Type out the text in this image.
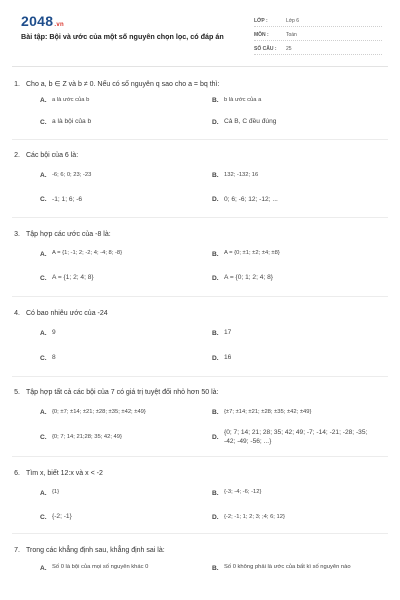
2048.vn
Bài tập: Bội và ước của một số nguyên chọn lọc, có đáp án
LỚP :	Lớp 6
MÔN :	Toán
SỐ CÂU :	25
1. Cho a, b ∈ Z và b ≠ 0. Nếu có số nguyên q sao cho a = bq thì:
A. a là ước của b	B. b là ước của a
C. a là bội của b	D. Cả B, C đều đúng
2. Các bội của 6 là:
A. -6; 6; 0; 23; -23	B. 132; -132; 16
C. -1; 1; 6; -6	D. 0; 6; -6; 12; -12; ...
3. Tập hợp các ước của -8 là:
A. A = {1; -1; 2; -2; 4; -4; 8; -8}	B. A = {0; ±1; ±2; ±4; ±8}
C. A = {1; 2; 4; 8}	D. A = {0; 1; 2; 4; 8}
4. Có bao nhiêu ước của -24
A. 9	B. 17
C. 8	D. 16
5. Tập hợp tất cả các bội của 7 có giá trị tuyệt đối nhỏ hơn 50 là:
A. {0; ±7; ±14; ±21; ±28; ±35; ±42; ±49}	B. {±7; ±14; ±21; ±28; ±35; ±42; ±49}
C. {0; 7; 14; 21;28; 35; 42; 49}	D.
{0; 7; 14; 21; 28; 35; 42; 49; -7; -14; -21; -28; -35; -42; -49; -56; ...}
6. Tìm x, biết 12:x và x < -2
A. {1}	B. {-3; -4; -6; -12}
C. {-2; -1}	D. {-2; -1; 1; 2; 3; ;4; 6; 12}
7. Trong các khẳng định sau, khẳng định sai là:
A. Số 0 là bội của mọi số nguyên khác 0	B. Số 0 không phải là ước của bất kì số nguyên nào
